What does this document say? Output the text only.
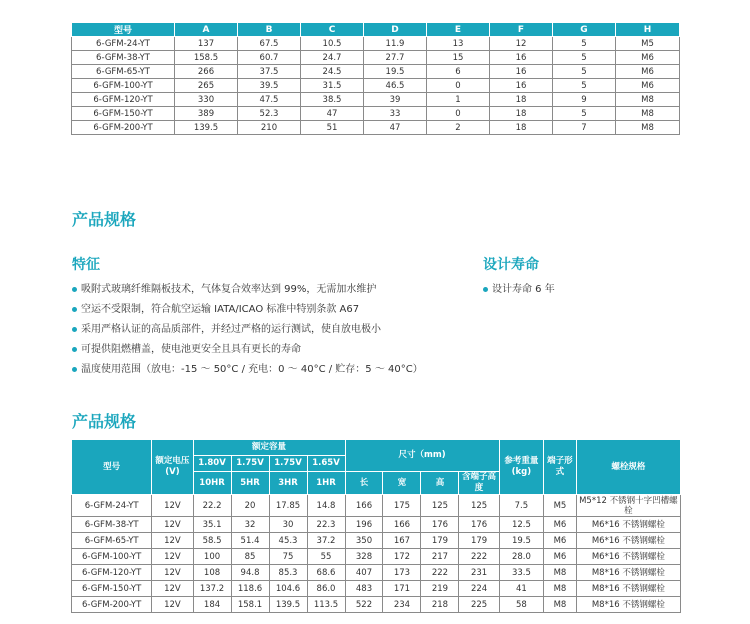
型号	A	B	C	D	E	F	G	H
6-GFM-24-YT	137	67.5	10.5	11.9	13	12	5	M5
6-GFM-38-YT	158.5	60.7	24.7	27.7	15	16	5	M6
6-GFM-65-YT	266	37.5	24.5	19.5	6	16	5	M6
6-GFM-100-YT	265	39.5	31.5	46.5	0	16	5	M6
6-GFM-120-YT	330	47.5	38.5	39	1	18	9	M8
6-GFM-150-YT	389	52.3	47	33	0	18	5	M8
6-GFM-200-YT	139.5	210	51	47	2	18	7	M8
产品规格
特征
吸附式玻璃纤维隔板技术，气体复合效率达到 99%，无需加水维护
空运不受限制，符合航空运输 IATA/ICAO 标准中特别条款 A67
采用严格认证的高品质部件，并经过严格的运行测试，使自放电极小
可提供阻燃槽盖，使电池更安全且具有更长的寿命
温度使用范围（放电：-15 ～ 50°C / 充电：0 ～ 40°C / 贮存：5 ～ 40°C）
设计寿命
设计寿命 6 年
产品规格
型号	额定电压(V)	额定容量				尺寸（mm)				参考重量(kg)	端子形式	螺栓规格
		1.80V	1.75V	1.75V	1.65V							
		10HR	5HR	3HR	1HR	长	宽	高	含端子高度			
6-GFM-24-YT	12V	22.2	20	17.85	14.8	166	175	125	125	7.5	M5	M5*12 不锈钢十字凹槽螺栓
6-GFM-38-YT	12V	35.1	32	30	22.3	196	166	176	176	12.5	M6	M6*16 不锈钢螺栓
6-GFM-65-YT	12V	58.5	51.4	45.3	37.2	350	167	179	179	19.5	M6	M6*16 不锈钢螺栓
6-GFM-100-YT	12V	100	85	75	55	328	172	217	222	28.0	M6	M6*16 不锈钢螺栓
6-GFM-120-YT	12V	108	94.8	85.3	68.6	407	173	222	231	33.5	M8	M8*16 不锈钢螺栓
6-GFM-150-YT	12V	137.2	118.6	104.6	86.0	483	171	219	224	41	M8	M8*16 不锈钢螺栓
6-GFM-200-YT	12V	184	158.1	139.5	113.5	522	234	218	225	58	M8	M8*16 不锈钢螺栓
